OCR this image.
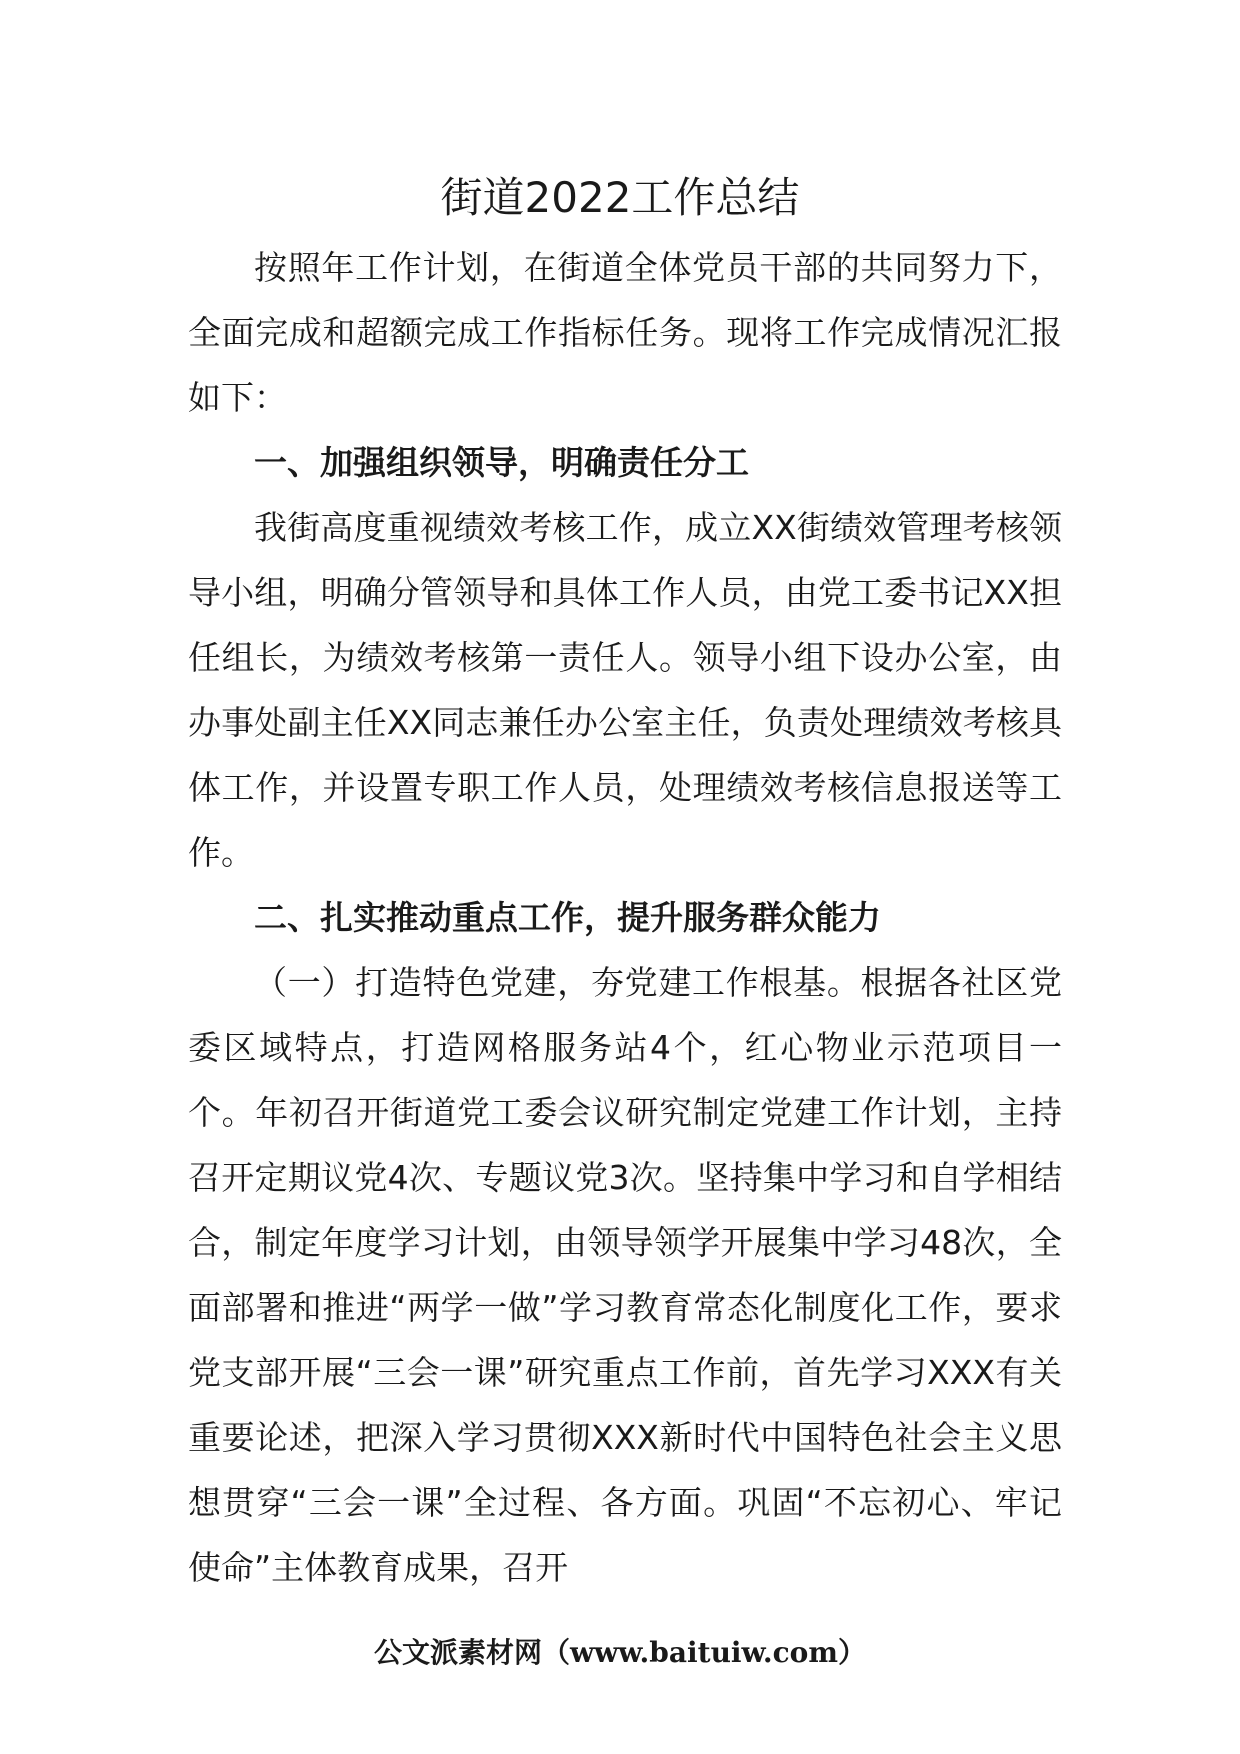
街道2022工作总结

按照年工作计划，在街道全体党员干部的共同努力下，全面完成和超额完成工作指标任务。现将工作完成情况汇报如下：

一、加强组织领导，明确责任分工

我街高度重视绩效考核工作，成立XX街绩效管理考核领导小组，明确分管领导和具体工作人员，由党工委书记XX担任组长，为绩效考核第一责任人。领导小组下设办公室，由办事处副主任XX同志兼任办公室主任，负责处理绩效考核具体工作，并设置专职工作人员，处理绩效考核信息报送等工作。

二、扎实推动重点工作，提升服务群众能力

（一）打造特色党建，夯党建工作根基。根据各社区党委区域特点，打造网格服务站4个，红心物业示范项目一个。年初召开街道党工委会议研究制定党建工作计划，主持召开定期议党4次、专题议党3次。坚持集中学习和自学相结合，制定年度学习计划，由领导领学开展集中学习48次，全面部署和推进“两学一做”学习教育常态化制度化工作，要求党支部开展“三会一课”研究重点工作前，首先学习XXX有关重要论述，把深入学习贯彻XXX新时代中国特色社会主义思想贯穿“三会一课”全过程、各方面。巩固“不忘初心、牢记使命”主体教育成果，召开

公文派素材网（www.baituiw.com）
